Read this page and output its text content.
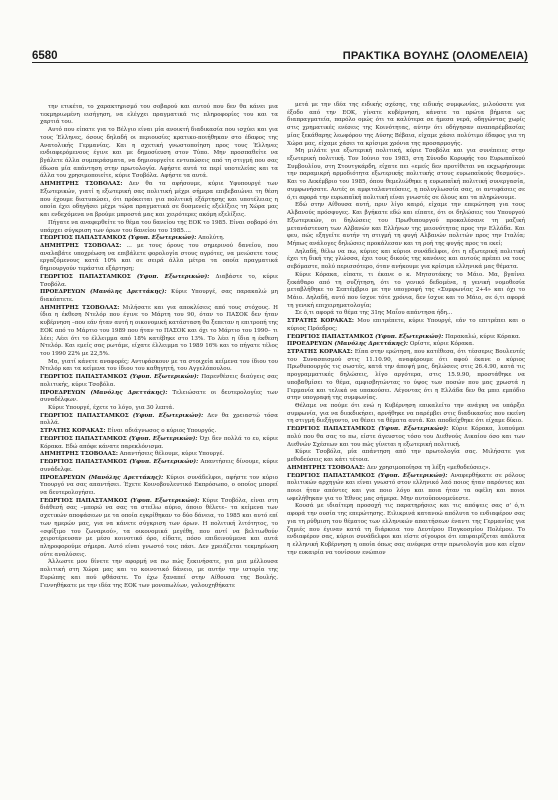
6580	ΠΡΑΚΤΙΚΑ ΒΟΥΛΗΣ (ΟΛΟΜΕΛΕΙΑ)

την ετικέτα, το χαρακτηρισμό του σοβαρού και αυτού που δεν θα κάνει μια τεκμηριωμένη εισήγηση, να ελέγχει πραγματικά τις πληροφορίες του και τα χαρτιά του.

Αυτό που είπατε για το Βέλγιο είναι μία ανοικτή διαδικασία που ισχύει και για τους Έλληνες, όσους δηλαδή οι περιουσίες κρατικο-ποιήθηκαν στο έδαφος της Ανατολικής Γερμανίας. Και η σχετική γνωστοποίηση προς τους Έλληνες ενδιαφερόμενους έγινε και με δημοσίευση στον Τύπο. Μην προσπαθείτε να βγάλετε άλλα συμπεράσματα, να δημιουργείτε εντυπώσεις από τη στιγμή που σας έδωσα μία απάντηση στην πρωτολογία. Αφήστε αυτά τα περί υποτελείας και τα άλλα του χρησιμοποιείτε, κύριε Τσοβόλα. Αφήστε τα αυτά.

ΔΗΜΗΤΡΗΣ ΤΣΟΒΟΛΑΣ: Δεν θα τα αφήσουμε, κύριε Υφυπουργέ των Εξωτερικών, γιατί η εξωτερική σας πολιτική μέχρι σήμερα επιβεβαιώνει τη θέση που έχουμε διατυπώσει, ότι πρόκειται για πολιτική εξάρτησης και υποτέλειας η οποία έχει οδηγήσει μέχρι τώρα πραγματικά σε δυσμενείς εξελίξεις τη Χώρα μας και ενδεχόμενα να βρούμε μπροστά μας και χειρότερες ακόμη εξελίξεις.

Πήγατε να αναφερθείτε το θέμα του δανείου της ΕΟΚ το 1985. Είναι σοβαρό ότι υπάρχει σύγκριση των όρων του δανείου του 1985....

ΓΕΩΡΓΙΟΣ ΠΑΠΑΣΤΑΜΚΟΣ (Υφυπ. Εξωτερικών): Απολύτη.

ΔΗΜΗΤΡΗΣ ΤΣΟΒΟΛΑΣ: ... με τους όρους του σημερινού δανείου, που αναλαβάτε υποχρέωση να επιβάλετε φορολογία στους αγρότες, να μειώσετε τους εργαζόμενους κατά 10% και σε σειρά άλλα μέτρα τα οποία πραγματικά δημιουργούν τεράστια εξάρτηση;

ΓΕΩΡΓΙΟΣ ΠΑΠΑΣΤΑΜΚΟΣ (Υφυπ. Εξωτερικών): Διαβάστε το, κύριε Τσοβόλα.

ΠΡΟΕΔΡΕΥΩΝ (Μανόλης Δρεττάκης): Κύριε Υπουργέ, σας παρακαλώ μη διακόπτετε.

ΔΗΜΗΤΡΗΣ ΤΣΟΒΟΛΑΣ: Μιλήσατε και για αποκλίσεις από τους στόχους. Η ίδια η έκθεση Ντελόρ που έγινε το Μάρτη του 90, όταν το ΠΑΣΟΚ δεν ήταν κυβέρνηση –που εάν ήταν αυτή η οικονομική κατάσταση θα ξεπεταν η επιτροπή της ΕΟΚ από το Μάρτιο του 1989 που ήταν το ΠΑΣΟΚ και όχι το Μάρτιο του 1990– τι λέει; Λέει ότι το έλλειμμα από 18% κατέβηκε στο 13%. Το λέει η ίδια η έκθεση Ντελόρ. Και εμείς σας ρωτάμε, είχατε έλλειμμα το 1989 16% και το πήγατε τέλος του 1990 22% με 22,5%.

Μα, γιατί κάνετε αναφορές; Αντιφάσκουν με τα στοιχεία κείμενα του ίδιου του Ντελόρ και τα κείμενα του ίδιου του καθηγητή, του Αγγελόπουλου.

ΓΕΩΡΓΙΟΣ ΠΑΠΑΣΤΑΜΚΟΣ (Υφυπ. Εξωτερικών): Παρενθέσεις διαύγεις σας πολιτικής, κύριε Τσοβόλα.

ΠΡΟΕΔΡΕΥΩΝ (Μανόλης Δρεττάκης): Τελειώσατε οι δευτερολογίες των συναδέλφων.

Κύριε Υπουργέ, έχετε το λόγο, για 30 λεπτά.

ΓΕΩΡΓΙΟΣ ΠΑΠΑΣΤΑΜΚΟΣ (Υφυπ. Εξωτερικών): Δεν θα χρειαστώ τόσα πολλά.

ΣΤΡΑΤΗΣ ΚΟΡΑΚΑΣ: Είναι αδιάγνωσος ο κύριος Υπουργός.

ΓΕΩΡΓΙΟΣ ΠΑΠΑΣΤΑΜΚΟΣ (Υφυπ. Εξωτερικών): Όχι δεν πολλά το ευ, κύριε Κόρακα. Εδώ απόφε κάνατε παρεκλόνισμα.

ΔΗΜΗΤΡΗΣ ΤΣΟΒΟΛΑΣ: Απαντήσεις θέλουμε, κύριε Υπουργέ.

ΓΕΩΡΓΙΟΣ ΠΑΠΑΣΤΑΜΚΟΣ (Υφυπ. Εξωτερικών): Απαντήσεις δίνουμε, κύριε συνάδελφε.

ΠΡΟΕΔΡΕΥΩΝ (Μανόλης Δρεττάκης): Κύριοι συνάδελφοι, αφήστε τον κύριο Υπουργό να σας απαντήσει. Έχετε Κοινοβουλευτικό Εκπρόσωπο, ο οποίος μπορεί να δευτερολογήσει.

ΓΕΩΡΓΙΟΣ ΠΑΠΑΣΤΑΜΚΟΣ (Υφυπ. Εξωτερικών): Κύριε Τσοβόλα, είναι στη διάθεσή σας –μπορώ να σας τα στείλω αύριο, όποιο θέλετε– τα κείμενα των σχετικών αποφάσεων με τα οποία εγκρίθηκαν το δύο δάνεια, το 1985 και αυτό επί των ημερών μας, για να κάνετε σύγκριση των όρων. Η πολιτική λιτότητος, το «σφίξιμο του ζωναριού», τα οικονομικά μεγέθη, που αντί να βελτιωθούν χειροτέρευσαν με μέσο κοινοτικό όρο, είδατε, πόσο επιδεινούμενα και αυτά πληροφορούμε σήμερα. Αυτό είναι γνωστό τοις πάσι. Δεν χρειάζεται τεκμηρίωση ούτε αναλύσεις.

Άλλωστε μου δίνετε την αφορμή να πω πώς ξεκινήσατε, για μια μέλλουσα πολιτική στη Χώρα μας και το κοινοτικό δάνειο, με αυτήν την ιστορία της Ευρώπης και πού φθάσατε. Το έχω ξαναπεί στην Αίθουσα της Βουλής. Γεννηθήκατε με την ιδέα της ΕΟΚ των μονοπωλίων, γαλουχηθήκατε

μετά με την ιδέα της ειδικής σχέσης, της ειδικής συμφωνίας, μιλούσατε για έξοδο από την ΕΟΚ, γίνατε κυβέρνηση, κάνατε τα πρώτα βήματα ως διαπραγματεία, παρόλο ομώς ότι τα καλύτερα σε ήμεσα νερά, οδηγώντας χωρίς στις χρηματικές ενέσεις της Κοινότητας, αύτην ότι οδήγησαν αναπαρέμβασίας μίας ξεκάθαρης λεωφόρου της Δύσης Βέβαια, είχαμε χάσει πολύτιμο έδαφος για τη Χώρα μας, είχαμε χάσει τα κρίσιμα χρόνια της προσαρμογής.

Μη μιλάτε για εξωτερική πολιτική, κύριε Τσοβόλα και για συνέπειες στην εξωτερική πολιτική. Τον Ιούνιο του 1983, στη Σύνοδο Κορυφής του Ευρωπαϊκού Συμβουλίου, στη Στουτγκάρδη, είχατε πει «εμείς δεν προτίθεται να εκχωρήσουμε την παραμικρή αρμοδιότητα εξωτερικής πολιτικής στους ευρωπαϊκούς θεσμούς». Και το Δεκέμβριο του 1985, όπου θεμελιώθηκε η ευρωπαϊκή πολιτική συνεργασία, συμφωνήσατε. Αυτές οι αμφιταλαντεύσεις, η πολυγλωσσία σας, οι αντιφάσεις σε ό,τι αφορά την ευρωπαϊκή πολιτική είναι γνωστές σε όλους και τα πληρώνουμε.

Εδώ στην Αίθουσα αυτή, πριν λίγο καιρό, είχαμε την επερώτηση για τους Αλβανούς πρόσφυγες. Και βγήκατε εδώ και είπατε, ότι οι δηλώσεις του Υπουργού Εξωτερικών, οι δηλώσεις του Πρωθυπουργού προκαλέσανε τη μαζική μετανάστευση των Αλβανών και Ελλήνων της μειονότητας προς την Ελλάδα. Και φευ, πώς εξηγείτε αυτήν τη στιγμή τη φυγή Αλβανών πολιτών προς την Ιταλία; Μήπως ανάλογες δηλώσεις προκάλεσαν και τη ροή της φυγής προς τα εκεί;

Δηλαδή, θέλω να πω, κύριες και κύριοι συνάδελφοι, ότι η εξωτερική πολιτική έχει τη δική της γλώσσα, έχει τους δικούς της κανόνες και αυτούς πρέπει να τους σεβόμαστε, πολύ περισσότερο, όταν ανήκουμε για κρίσιμα ελληνικά μας θέματα.

Κύριε Κόρακα, είπατε, τι έκανε ο κ. Μητσοτάκης το Μάιο. Μα, βγαίνει ξεκάθαρο από τη συζήτηση, ότι το γενικό δεδομένα, η γενική νομοθεσία μεταβλήθηκε το Σεπτέμβριο με την υπογραφή της «Συμφωνίας 2+4» και όχι το Μάιο. Δηλαδή, αυτό που ίσχυε τότε χρόνια, δεν ίσχυε και το Μάιο, σε ό,τι αφορά τη γενική επιχειρηματολογία;

Σε ό,τι αφορά το θέμα της 31ης Μαΐου απάντησα ήδη...

ΣΤΡΑΤΗΣ ΚΟΡΑΚΑΣ: Μου επιτρέπετε, κύριε Υπουργέ, εάν το επιτρέπει και ο κύριος Πρόεδρος;

ΓΕΩΡΓΙΟΣ ΠΑΠΑΣΤΑΜΚΟΣ (Υφυπ. Εξωτερικών): Παρακαλώ, κύριε Κόρακα.

ΠΡΟΕΔΡΕΥΩΝ (Μανόλης Δρεττάκης): Ορίστε, κύριε Κόρακα.

ΣΤΡΑΤΗΣ ΚΟΡΑΚΑΣ: Είπα στην ερώτηση, που κατέθεσα, ότι τέσσερις Βουλευτές του Συνασπισμού στις 11.10.90, αναφέρουμε ότι αφού έκανε ο κύριος Πρωθυπουργός τις σωστές, κατά την άποψή μας, δηλώσεις στις 26.4.90, κατά τις προγραμματικές δηλώσεις, λίγο αργότερα, στις 15.9.90, προστάθηκε να υποβαθμίσει το θέμα, αμφισβητώντας το ύψος των ποσών που μας χρωστά η Γερμανία και τελικά να υπακούσει. Λέγοντας ότι η Ελλάδα δεν θα μπει εμπόδιο στην υπογραφή της συμφωνίας.

Θέλαμε να πούμε ότι ενώ η Κυβέρνηση επικαλείτο την ανάγκη να υπάρξει συμφωνία, για να διεκδικήσει, αρνήθηκε να παρέμβει στις διαδικασίες που εκείνη τη στιγμή διεξήγοντο, να θέσει τα θέματα αυτά. Και αποδείχθηκε ότι είχαμε δίκιο.

ΓΕΩΡΓΙΟΣ ΠΑΠΑΣΤΑΜΚΟΣ (Υφυπ. Εξωτερικών): Κύριε Κόρακα, λυπούμαι πολύ που θα σας το πω, είστε άγευστος τόσο του Διεθνούς Δικαίου όσο και των Διεθνών Σχέσεων και του πώς γίνεται η εξωτερική πολιτική.

Κύριε Τσοβόλα, μία απάντηση από την πρωτολογία σας. Μιλήσατε για μεθοδεύσεις και κάτι τέτοια.

ΔΗΜΗΤΡΗΣ ΤΣΟΒΟΛΑΣ: Δεν χρησιμοποίησα τη λέξη «μεθοδεύσεις».

ΓΕΩΡΓΙΟΣ ΠΑΠΑΣΤΑΜΚΟΣ (Υφυπ. Εξωτερικών): Αναφερθήκατε σε ρόλους πολιτικών αρχηγών και είναι γνωστό στον ελληνικό λαό ποιος ήταν παρόντες και ποιοι ήταν απόντες και για ποιο λόγο και ποια ήταν τα οφέλη και ποιοι ωφελήθηκαν για το Έθνος μας σήμερα. Μην αυτοϋπονομεύεστε.

Κουσά με ιδιαίτερη προσοχή τις παρατηρήσεις και τις απόψεις σας σ' ό,τι αφορά την ουσία της επερώτησης. Ειλικρινά κατανοώ απόλυτα το ενδιαφέρον σας για τη ρύθμιση του θέματος των ελληνικών απαιτήσεων έναντι της Γερμανίας για ζημιές που έγιναν κατά τη διάρκεια του Δευτέρου Παγκοσμίου Πολέμου. Το ενδιαφέρον σας, κύριοι συνάδελφοι και είστε σίγουροι ότι επιφαιρίζεται απόλυτα η ελληνική Κυβέρνηση η οποία όπως σας ανέφερα στην πρωτολογία μου και είχαν την ευκαιρία να τονίσουν ενώπιον
